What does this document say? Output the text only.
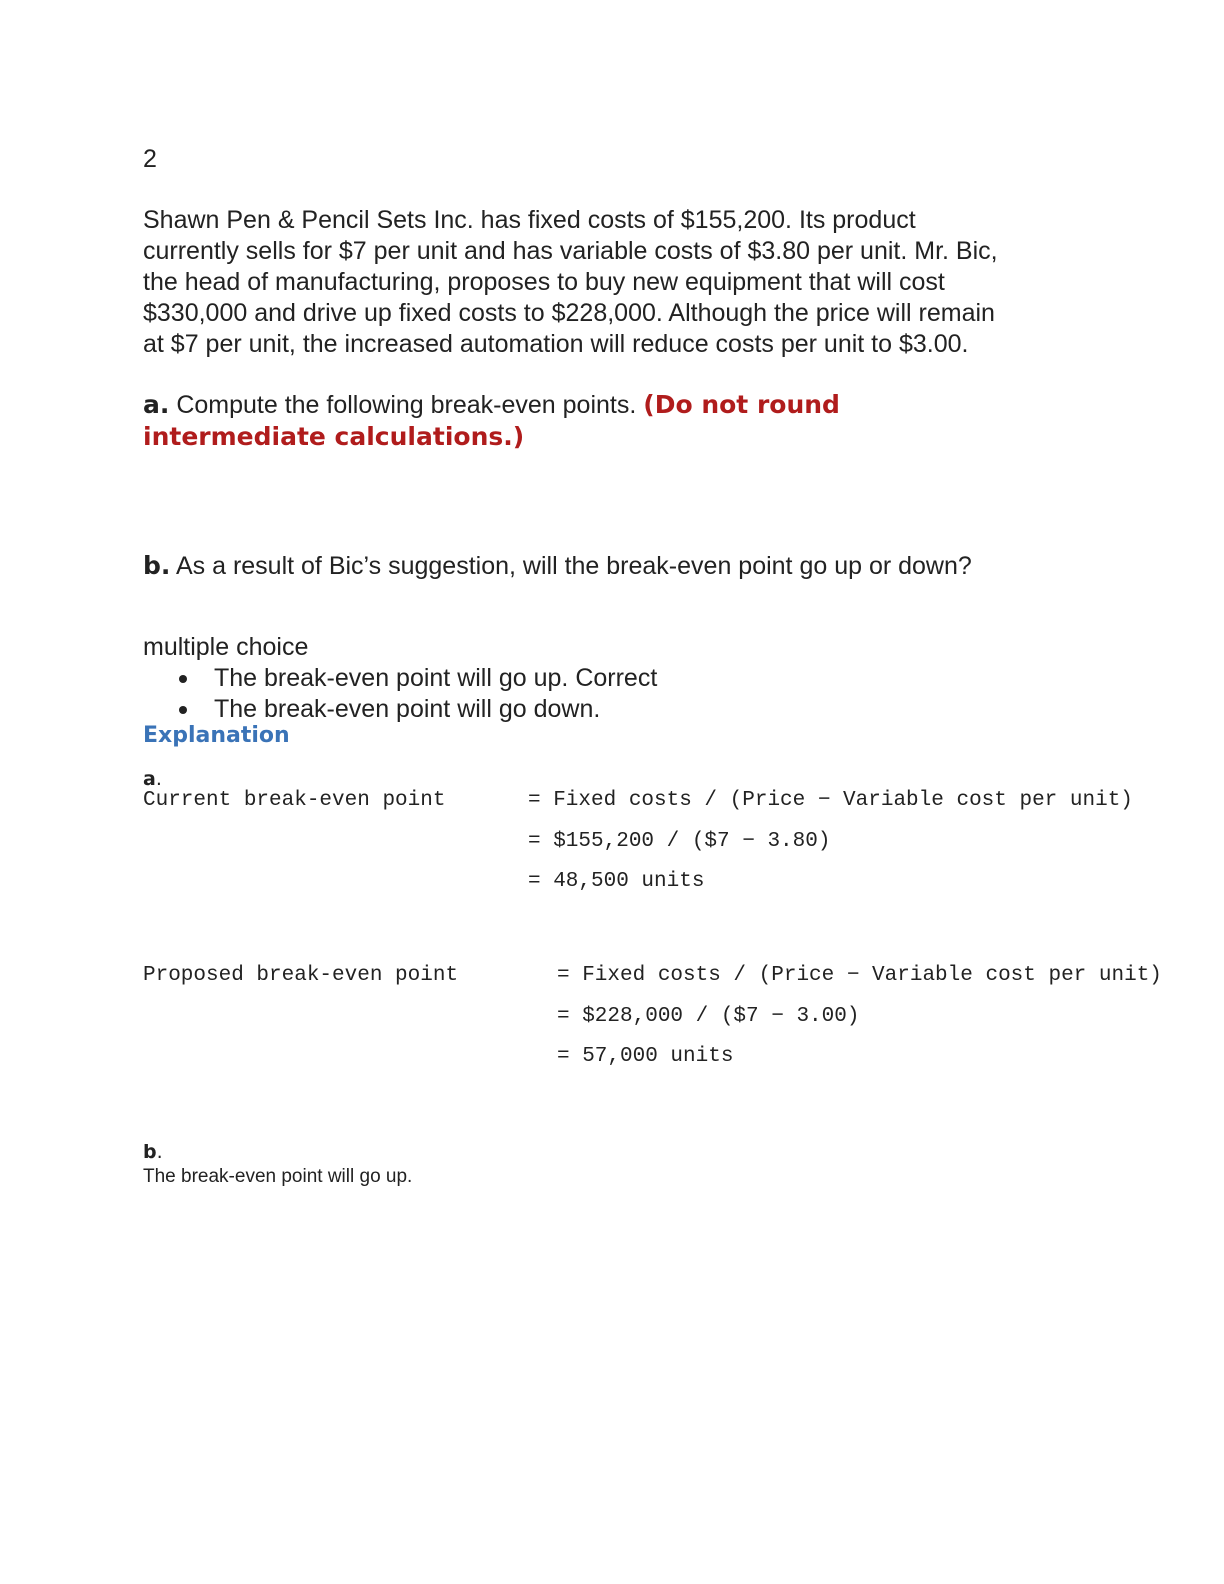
2

Shawn Pen & Pencil Sets Inc. has fixed costs of $155,200. Its product
currently sells for $7 per unit and has variable costs of $3.80 per unit. Mr. Bic,
the head of manufacturing, proposes to buy new equipment that will cost
$330,000 and drive up fixed costs to $228,000. Although the price will remain
at $7 per unit, the increased automation will reduce costs per unit to $3.00.
a. Compute the following break-even points. (Do not round
intermediate calculations.)

b. As a result of Bic’s suggestion, will the break-even point go up or down?

multiple choice

The break-even point will go up. Correct
The break-even point will go down.

Explanation

a.

Current break-even point	= Fixed costs / (Price − Variable cost per unit)

= $155,200 / ($7 − 3.80)

= 48,500 units

Proposed break-even point	= Fixed costs / (Price − Variable cost per unit)

= $228,000 / ($7 − 3.00)

= 57,000 units

b.

The break-even point will go up.
